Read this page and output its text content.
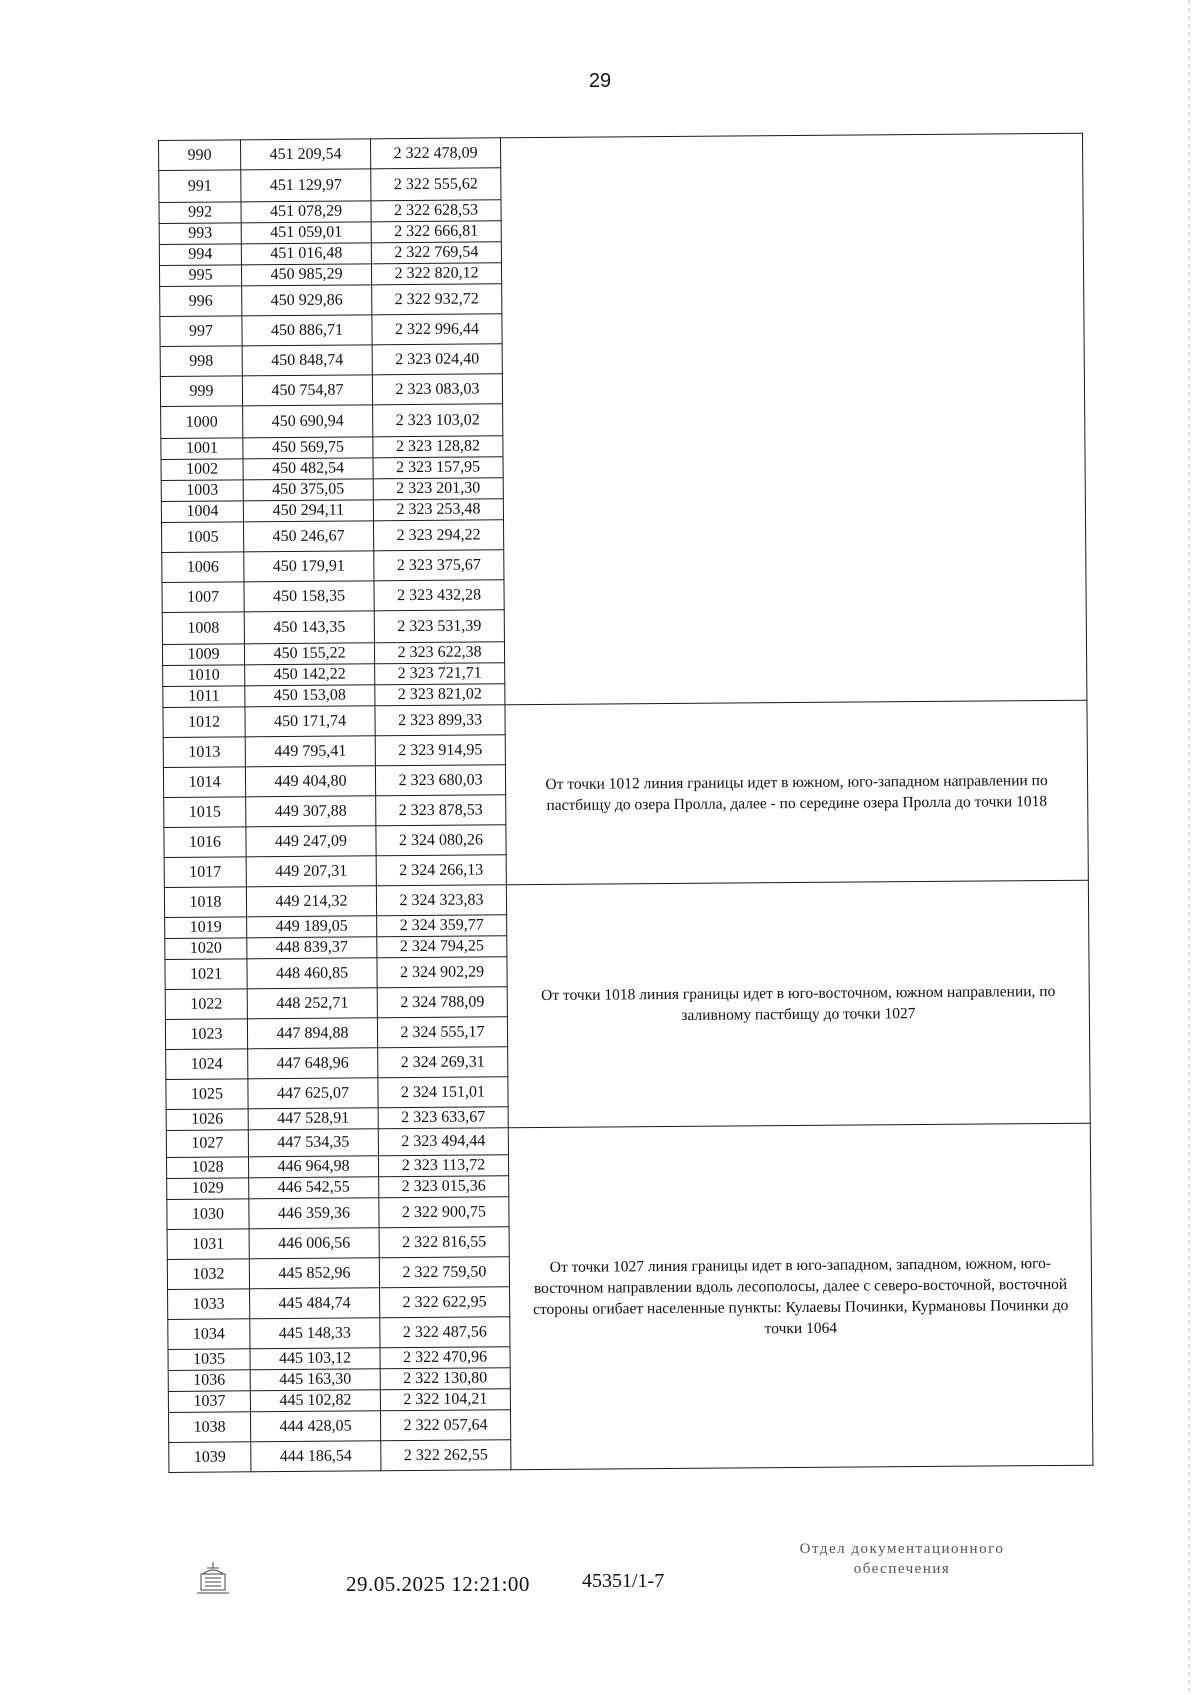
29
990	451 209,54	2 322 478,09	
991	451 129,97	2 322 555,62	
992	451 078,29	2 322 628,53	
993	451 059,01	2 322 666,81	
994	451 016,48	2 322 769,54	
995	450 985,29	2 322 820,12	
996	450 929,86	2 322 932,72	
997	450 886,71	2 322 996,44	
998	450 848,74	2 323 024,40	
999	450 754,87	2 323 083,03	
1000	450 690,94	2 323 103,02	
1001	450 569,75	2 323 128,82	
1002	450 482,54	2 323 157,95	
1003	450 375,05	2 323 201,30	
1004	450 294,11	2 323 253,48	
1005	450 246,67	2 323 294,22	
1006	450 179,91	2 323 375,67	
1007	450 158,35	2 323 432,28	
1008	450 143,35	2 323 531,39	
1009	450 155,22	2 323 622,38	
1010	450 142,22	2 323 721,71	
1011	450 153,08	2 323 821,02	
1012	450 171,74	2 323 899,33	От точки 1012 линия границы идет в южном, юго-западном направлении по пастбищу до озера Пролла, далее - по середине озера Пролла до точки 1018
1013	449 795,41	2 323 914,95	
1014	449 404,80	2 323 680,03	
1015	449 307,88	2 323 878,53	
1016	449 247,09	2 324 080,26	
1017	449 207,31	2 324 266,13	
1018	449 214,32	2 324 323,83	От точки 1018 линия границы идет в юго-восточном, южном направлении, по заливному пастбищу до точки 1027
1019	449 189,05	2 324 359,77	
1020	448 839,37	2 324 794,25	
1021	448 460,85	2 324 902,29	
1022	448 252,71	2 324 788,09	
1023	447 894,88	2 324 555,17	
1024	447 648,96	2 324 269,31	
1025	447 625,07	2 324 151,01	
1026	447 528,91	2 323 633,67	
1027	447 534,35	2 323 494,44	От точки 1027 линия границы идет в юго-западном, западном, южном, юго-восточном направлении вдоль лесополосы, далее с северо-восточной, восточной стороны огибает населенные пункты: Кулаевы Починки, Курмановы Починки до точки 1064
1028	446 964,98	2 323 113,72	
1029	446 542,55	2 323 015,36	
1030	446 359,36	2 322 900,75	
1031	446 006,56	2 322 816,55	
1032	445 852,96	2 322 759,50	
1033	445 484,74	2 322 622,95	
1034	445 148,33	2 322 487,56	
1035	445 103,12	2 322 470,96	
1036	445 163,30	2 322 130,80	
1037	445 102,82	2 322 104,21	
1038	444 428,05	2 322 057,64	
1039	444 186,54	2 322 262,55	
29.05.2025 12:21:00	45351/1-7
Отдел документационного
обеспечения
